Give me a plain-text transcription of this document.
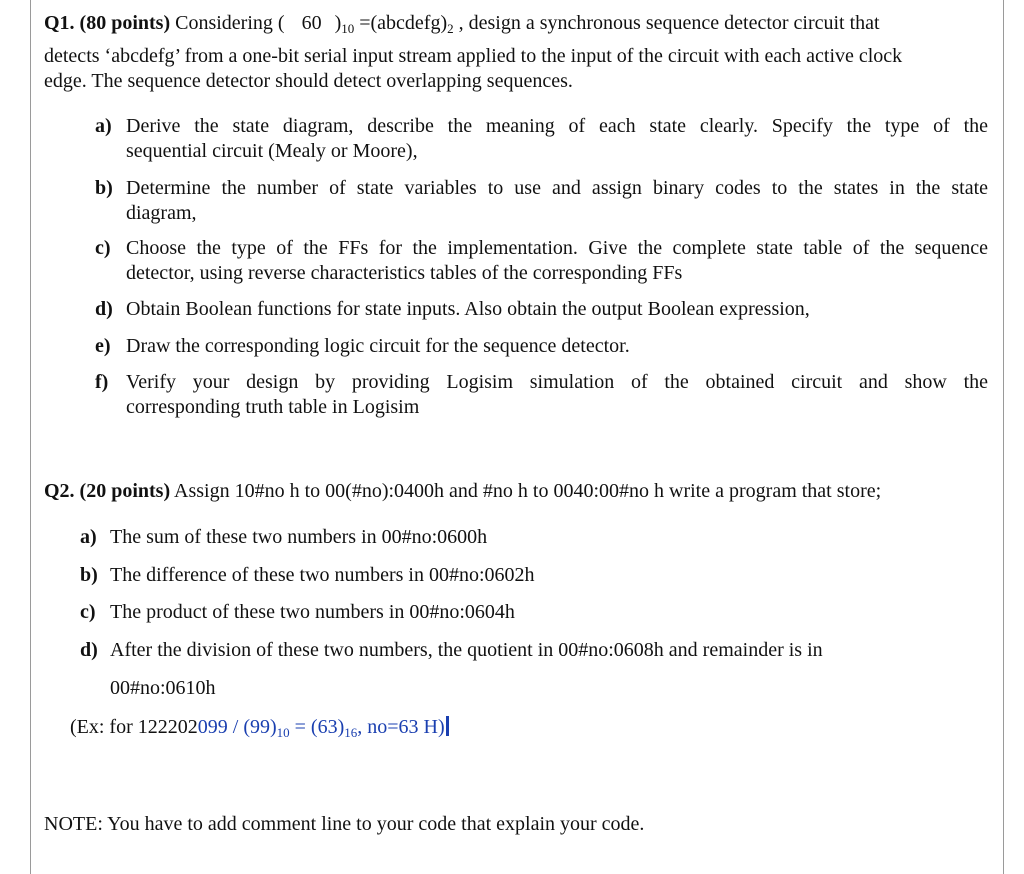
Q1. (80 points) Considering ( 60 )$_{10}$ $=(abcdefg)_2$ , design a synchronous sequence detector circuit that
detects ‘abcdefg’ from a one-bit serial input stream applied to the input of the circuit with each active clock
edge. The sequence detector should detect overlapping sequences.
a) Derive the state diagram, describe the meaning of each state clearly. Specify the type of the
sequential circuit (Mealy or Moore),
b) Determine the number of state variables to use and assign binary codes to the states in the state
diagram,
c) Choose the type of the FFs for the implementation. Give the complete state table of the sequence
detector, using reverse characteristics tables of the corresponding FFs
d) Obtain Boolean functions for state inputs. Also obtain the output Boolean expression,
e) Draw the corresponding logic circuit for the sequence detector.
f) Verify your design by providing Logisim simulation of the obtained circuit and show the
corresponding truth table in Logisim
Q2. (20 points) Assign 10#no h to 00(#no):0400h and #no h to 0040:00#no h write a program that store;
a) The sum of these two numbers in 00#no:0600h
b) The difference of these two numbers in 00#no:0602h
c) The product of these two numbers in 00#no:0604h
d) After the division of these two numbers, the quotient in 00#no:0608h and remainder is in
00#no:0610h
(Ex: for $122202099 / (99)_{10} = (63)_{16}$, no=63 H)
NOTE: You have to add comment line to your code that explain your code.
